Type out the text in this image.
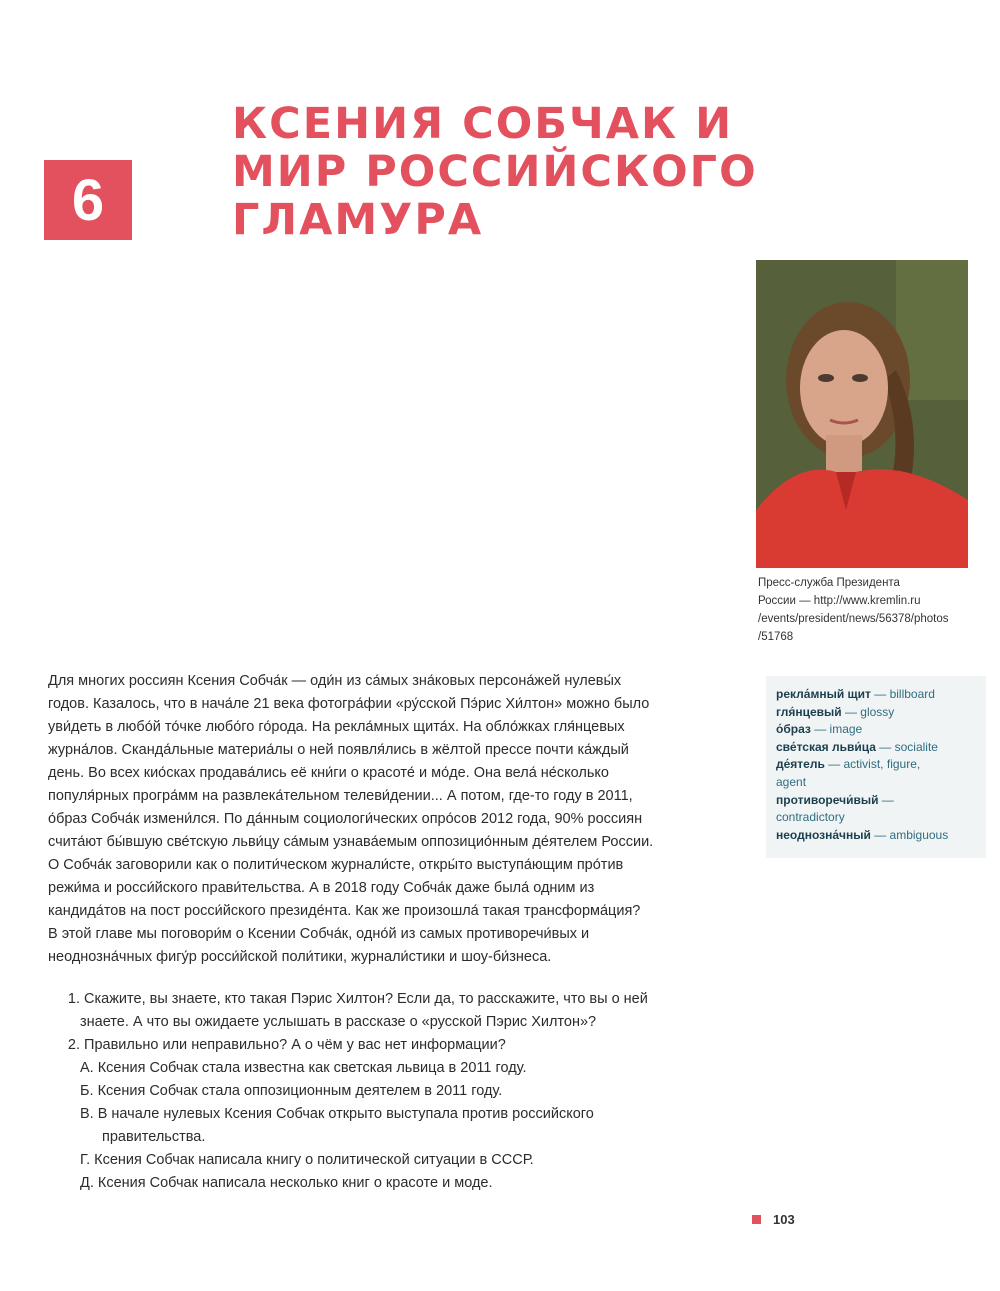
6
КСЕНИЯ СОБЧАК И
МИР РОССИЙСКОГО
ГЛАМУРА
Пресс-служба Президента
России — http://www.kremlin.ru
/events/president/news/56378/photos
/51768
рекла́мный щит — billboard
гля́нцевый — glossy
о́браз — image
све́тская льви́ца — socialite
де́ятель — activist, figure,
agent
противоречи́вый —
contradictory
неоднозна́чный — ambiguous
Для многих россиян Ксения Собча́к — оди́н из са́мых зна́ковых персона́жей нулевы́х
годов. Казалось, что в нача́ле 21 века фотогра́фии «ру́сской Пэ́рис Хи́лтон» можно было
уви́деть в любо́й то́чке любо́го го́рода. На рекла́мных щита́х. На обло́жках гля́нцевых
журна́лов. Сканда́льные материа́лы о ней появля́лись в жёлтой прессе почти ка́ждый
день. Во всех кио́сках продава́лись её кни́ги о красоте́ и мо́де. Она вела́ не́сколько
популя́рных програ́мм на развлека́тельном телеви́дении... А потом, где-то году в 2011,
о́браз Собча́к измени́лся. По да́нным социологи́ческих опро́сов 2012 года, 90% россиян
счита́ют бы́вшую све́тскую льви́цу са́мым узнава́емым оппозицио́нным де́ятелем России.
О Собча́к заговорили как о полити́ческом журнали́сте, откры́то выступа́ющим про́тив
режи́ма и росси́йского прави́тельства. А в 2018 году Собча́к даже была́ одним из
кандида́тов на пост росси́йского президе́нта. Как же произошла́ такая трансформа́ция?
В этой главе мы поговори́м о Ксении Собча́к, одно́й из самых противоречи́вых и
неоднозна́чных фигу́р росси́йской поли́тики, журнали́стики и шоу-би́знеса.
1. Скажите, вы знаете, кто такая Пэрис Хилтон? Если да, то расскажите, что вы о ней
знаете. А что вы ожидаете услышать в рассказе о «русской Пэрис Хилтон»?
2. Правильно или неправильно? А о чём у вас нет информации?
А. Ксения Собчак стала известна как светская львица в 2011 году.
Б. Ксения Собчак стала оппозиционным деятелем в 2011 году.
В. В начале нулевых Ксения Собчак открыто выступала против российского
правительства.
Г. Ксения Собчак написала книгу о политической ситуации в СССР.
Д. Ксения Собчак написала несколько книг о красоте и моде.
103
